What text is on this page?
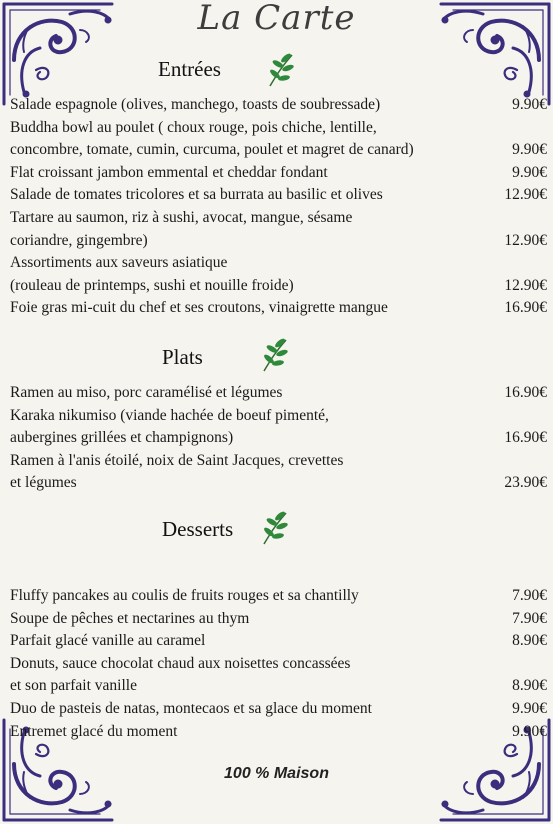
La Carte
Entrées
Salade espagnole (olives, manchego, toasts de soubressade)	9.90€
Buddha bowl au poulet ( choux rouge, pois chiche, lentille,
concombre, tomate, cumin, curcuma, poulet et magret de canard)	9.90€
Flat croissant jambon emmental et cheddar fondant	9.90€
Salade de tomates tricolores et sa burrata au basilic et olives	12.90€
Tartare au saumon, riz à sushi, avocat, mangue, sésame
coriandre, gingembre)	12.90€
Assortiments aux saveurs asiatique
(rouleau de printemps, sushi et nouille froide)	12.90€
Foie gras mi-cuit du chef et ses croutons, vinaigrette mangue	16.90€
Plats
Ramen au miso, porc caramélisé et légumes	16.90€
Karaka nikumiso (viande hachée de boeuf pimenté,
aubergines grillées et champignons)	16.90€
Ramen à l'anis étoilé, noix de Saint Jacques, crevettes
et légumes	23.90€
Desserts
Fluffy pancakes au coulis de fruits rouges et sa chantilly	7.90€
Soupe de pêches et nectarines au thym	7.90€
Parfait glacé vanille au caramel	8.90€
Donuts, sauce chocolat chaud aux noisettes concassées
et son parfait vanille	8.90€
Duo de pasteis de natas, montecaos et sa glace du moment	9.90€
Entremet glacé du moment	9.90€
100 % Maison
